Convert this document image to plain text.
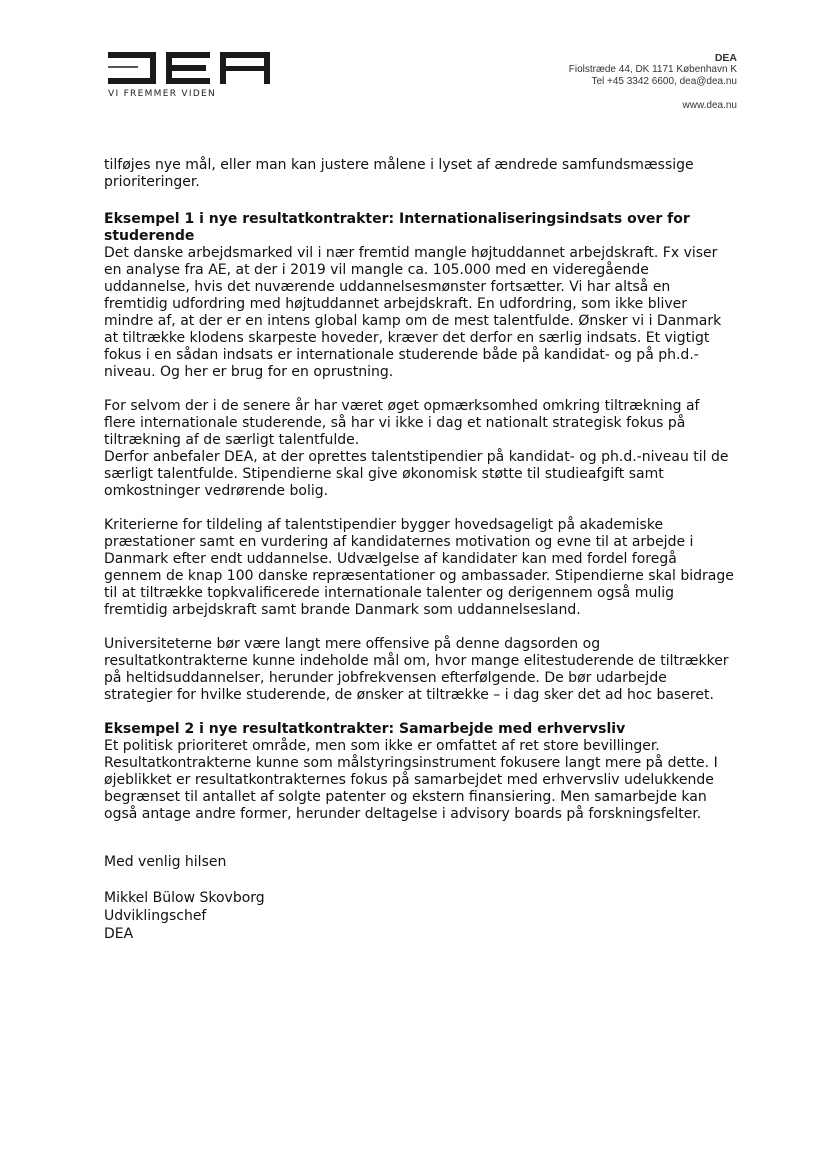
VI FREMMER VIDEN
DEA
Fiolstræde 44, DK 1171 København K
Tel +45 3342 6600, dea@dea.nu
www.dea.nu

tilføjes nye mål, eller man kan justere målene i lyset af ændrede samfundsmæssige prioriteringer.

Eksempel 1 i nye resultatkontrakter: Internationaliseringsindsats over for studerende

Det danske arbejdsmarked vil i nær fremtid mangle højtuddannet arbejdskraft. Fx viser en analyse fra AE, at der i 2019 vil mangle ca. 105.000 med en videregående uddannelse, hvis det nuværende uddannelsesmønster fortsætter. Vi har altså en fremtidig udfordring med højtuddannet arbejdskraft. En udfordring, som ikke bliver mindre af, at der er en intens global kamp om de mest talentfulde. Ønsker vi i Danmark at tiltrække klodens skarpeste hoveder, kræver det derfor en særlig indsats. Et vigtigt fokus i en sådan indsats er internationale studerende både på kandidat- og på ph.d.-niveau. Og her er brug for en oprustning.

For selvom der i de senere år har været øget opmærksomhed omkring tiltrækning af flere internationale studerende, så har vi ikke i dag et nationalt strategisk fokus på tiltrækning af de særligt talentfulde.

Derfor anbefaler DEA, at der oprettes talentstipendier på kandidat- og ph.d.-niveau til de særligt talentfulde. Stipendierne skal give økonomisk støtte til studieafgift samt omkostninger vedrørende bolig.

Kriterierne for tildeling af talentstipendier bygger hovedsageligt på akademiske præstationer samt en vurdering af kandidaternes motivation og evne til at arbejde i Danmark efter endt uddannelse. Udvælgelse af kandidater kan med fordel foregå gennem de knap 100 danske repræsentationer og ambassader. Stipendierne skal bidrage til at tiltrække topkvalificerede internationale talenter og derigennem også mulig fremtidig arbejdskraft samt brande Danmark som uddannelsesland.

Universiteterne bør være langt mere offensive på denne dagsorden og resultatkontrakterne kunne indeholde mål om, hvor mange elitestuderende de tiltrækker på heltidsuddannelser, herunder jobfrekvensen efterfølgende. De bør udarbejde strategier for hvilke studerende, de ønsker at tiltrække – i dag sker det ad hoc baseret.

Eksempel 2 i nye resultatkontrakter: Samarbejde med erhvervsliv

Et politisk prioriteret område, men som ikke er omfattet af ret store bevillinger. Resultatkontrakterne kunne som målstyringsinstrument fokusere langt mere på dette. I øjeblikket er resultatkontrakternes fokus på samarbejdet med erhvervsliv udelukkende begrænset til antallet af solgte patenter og ekstern finansiering. Men samarbejde kan også antage andre former, herunder deltagelse i advisory boards på forskningsfelter.

Med venlig hilsen
Mikkel Bülow Skovborg
Udviklingschef
DEA
